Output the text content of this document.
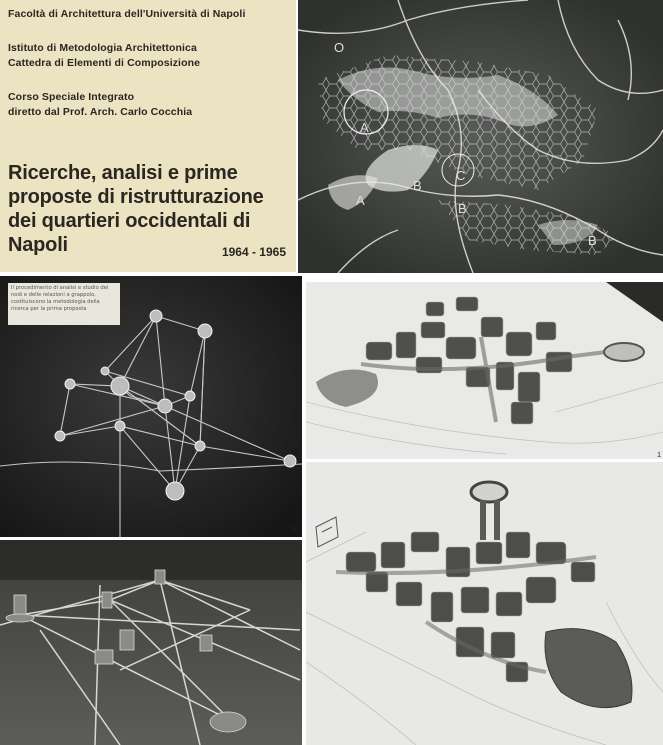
Facoltà di Architettura dell'Università di Napoli
Istituto di Metodologia Architettonica
Cattedra di Elementi di Composizione
Corso Speciale Integrato
diretto dal Prof. Arch. Carlo Cocchia
Ricerche, analisi e prime
proposte di ristrutturazione
dei quartieri occidentali di
Napoli	1964 - 1965
O
A
B
C
A
B
B
Il procedimento di analisi e studio dei nodi e delle relazioni a grappolo, costituiscono la metodologia della ricerca per la prima proposta
58
1
